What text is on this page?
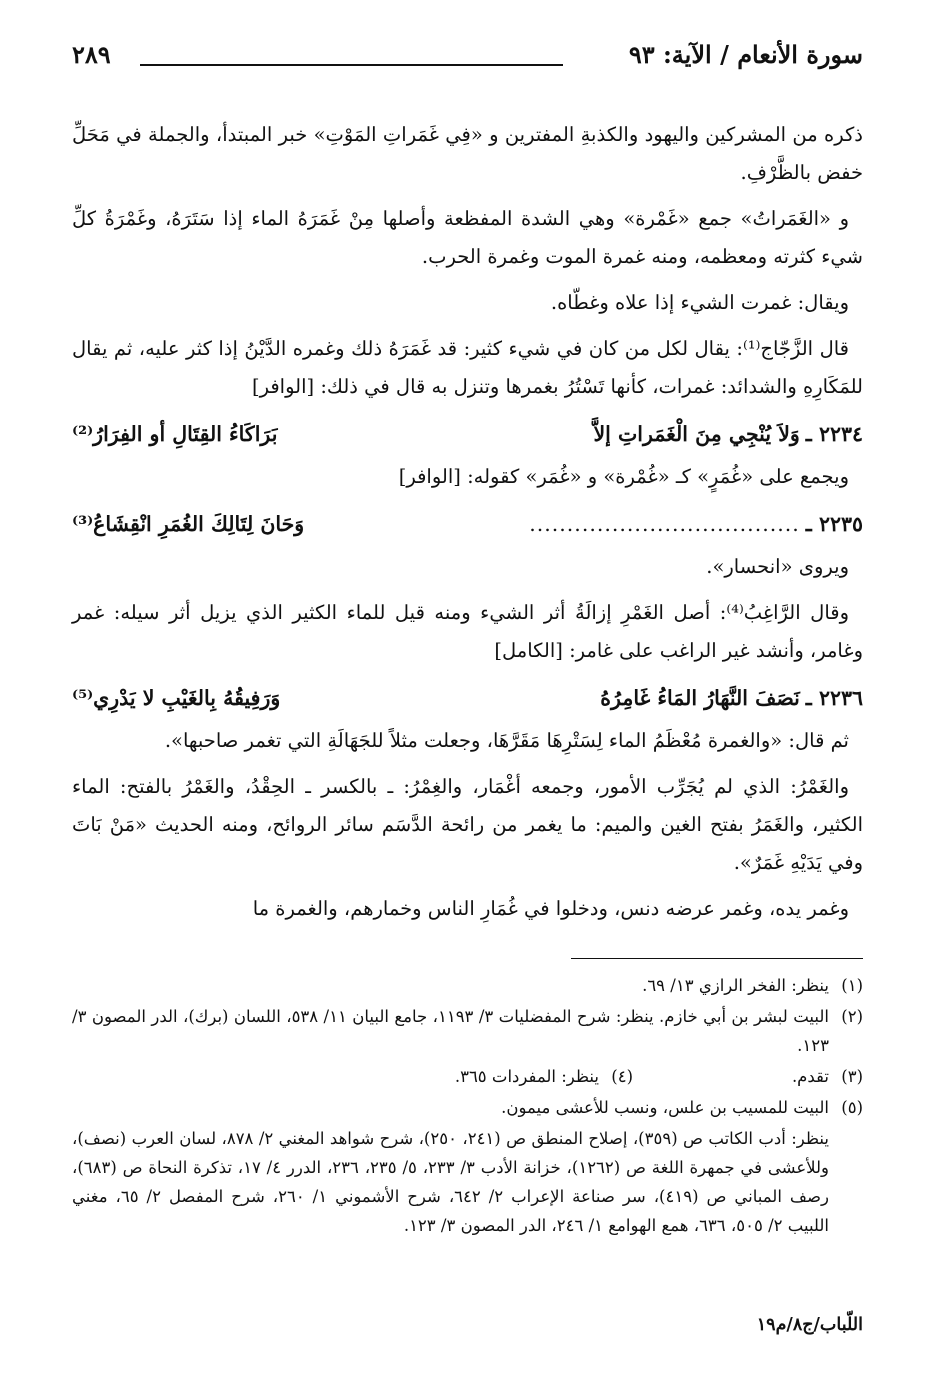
سورة الأنعام / الآية: ٩٣
٢٨٩

ذكره من المشركين واليهود والكذبةِ المفترين و «فِي غَمَراتِ المَوْتِ» خبر المبتدأ، والجملة في مَحَلِّ خفض بالظَّرْفِ.

و «الغَمَراتُ» جمع «غَمْرة» وهي الشدة المفظعة وأصلها مِنْ غَمَرَهُ الماء إذا سَتَرَهُ، وغَمْرَةُ كلِّ شيء كثرته ومعظمه، ومنه غمرة الموت وغمرة الحرب.

ويقال: غمرت الشيء إذا علاه وغطّاه.

قال الزَّجّاج⁽¹⁾: يقال لكل من كان في شيء كثير: قد غَمَرَهُ ذلك وغمره الدَّيْنُ إذا كثر عليه، ثم يقال للمَكَارِهِ والشدائد: غمرات، كأنها تَسْتُرُ بغمرها وتنزل به قال في ذلك: [الوافر]

٢٢٣٤ ـ
وَلاَ يُنْجِي مِنَ الْغَمَراتِ إلاَّ
بَرَاكَاءُ القِتَالِ أو الفِرَارُ⁽²⁾

ويجمع على «غُمَرٍ» كـ «غُمْرة» و «غُمَر» كقوله: [الوافر]

٢٢٣٥ ـ
....................................
وَحَانَ لِتَالِكَ الغُمَرِ انْقِشَاعُ⁽³⁾

ويروى «انحسار».

وقال الرَّاغِبُ⁽⁴⁾: أصل الغَمْرِ إزالَةُ أثر الشيء ومنه قيل للماء الكثير الذي يزيل أثر سيله: غمر وغامر، وأنشد غير الراغب على غامر: [الكامل]

٢٢٣٦ ـ
نَصَفَ النَّهَارُ المَاءُ غَامِرُهُ
وَرَفِيقُهُ بِالغَيْبِ لا يَدْرِي⁽⁵⁾

ثم قال: «والغمرة مُعْظَمُ الماء لِسَتْرِهَا مَقَرَّهَا، وجعلت مثلاً للجَهَالَةِ التي تغمر صاحبها».

والغَمْرُ: الذي لم يُجَرِّب الأمور، وجمعه أغْمَار، والغِمْرُ: ـ بالكسر ـ الحِقْدُ، والغَمْرُ بالفتح: الماء الكثير، والغَمَرُ بفتح الغين والميم: ما يغمر من رائحة الدَّسَم سائر الروائح، ومنه الحديث «مَنْ بَاتَ وفي يَدَيْهِ غَمَرٌ».

وغمر يده، وغمر عرضه دنس، ودخلوا في غُمَارِ الناس وخمارهم، والغمرة ما

(١)
ينظر: الفخر الرازي ١٣/ ٦٩.
(٢)
البيت لبشر بن أبي خازم. ينظر: شرح المفضليات ٣/ ١١٩٣، جامع البيان ١١/ ٥٣٨، اللسان (برك)، الدر المصون ٣/ ١٢٣.
(٣)
تقدم.
(٤)
ينظر: المفردات ٣٦٥.
(٥)
البيت للمسيب بن علس، ونسب للأعشى ميمون.
ينظر: أدب الكاتب ص (٣٥٩)، إصلاح المنطق ص (٢٤١، ٢٥٠)، شرح شواهد المغني ٢/ ٨٧٨، لسان العرب (نصف)، وللأعشى في جمهرة اللغة ص (١٢٦٢)، خزانة الأدب ٣/ ٢٣٣، ٥/ ٢٣٥، ٢٣٦، الدرر ٤/ ١٧، تذكرة النحاة ص (٦٨٣)، رصف المباني ص (٤١٩)، سر صناعة الإعراب ٢/ ٦٤٢، شرح الأشموني ١/ ٢٦٠، شرح المفصل ٢/ ٦٥، مغني اللبيب ٢/ ٥٠٥، ٦٣٦، همع الهوامع ١/ ٢٤٦، الدر المصون ٣/ ١٢٣.
اللّباب/ج٨/م١٩
